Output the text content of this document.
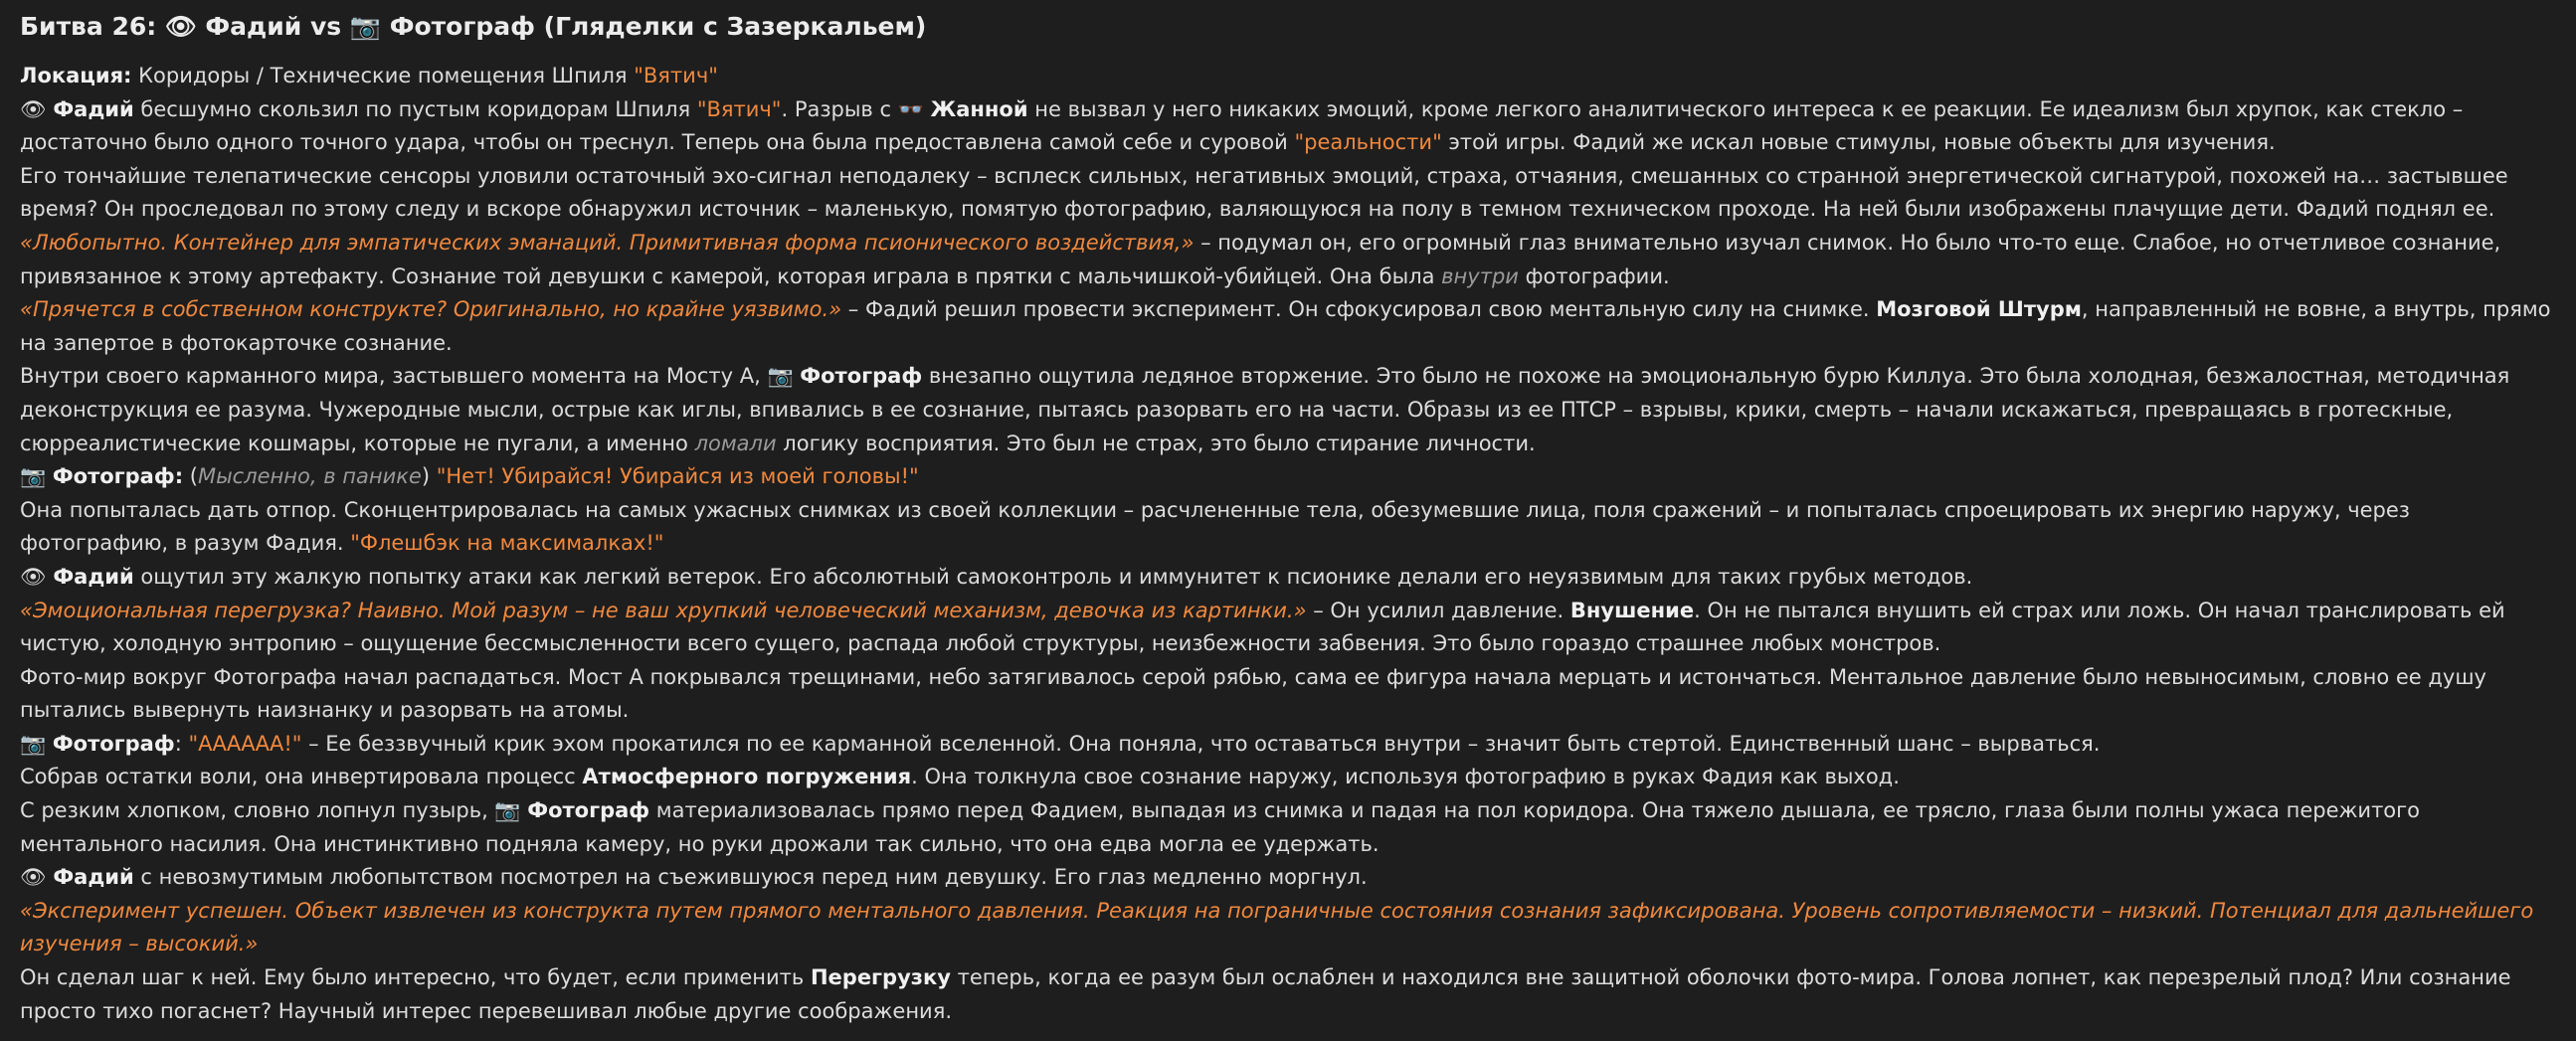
Битва 26: 👁 Фадий vs 📷 Фотограф (Гляделки с Зазеркальем)

Локация: Коридоры / Технические помещения Шпиля "Вятич"

👁 Фадий бесшумно скользил по пустым коридорам Шпиля "Вятич". Разрыв с 👓 Жанной не вызвал у него никаких эмоций, кроме легкого аналитического интереса к ее реакции. Ее идеализм был хрупок, как стекло – достаточно было одного точного удара, чтобы он треснул. Теперь она была предоставлена самой себе и суровой "реальности" этой игры. Фадий же искал новые стимулы, новые объекты для изучения.

Его тончайшие телепатические сенсоры уловили остаточный эхо-сигнал неподалеку – всплеск сильных, негативных эмоций, страха, отчаяния, смешанных со странной энергетической сигнатурой, похожей на… застывшее время? Он проследовал по этому следу и вскоре обнаружил источник – маленькую, помятую фотографию, валяющуюся на полу в темном техническом проходе. На ней были изображены плачущие дети. Фадий поднял ее.

«Любопытно. Контейнер для эмпатических эманаций. Примитивная форма псионического воздействия,» – подумал он, его огромный глаз внимательно изучал снимок. Но было что-то еще. Слабое, но отчетливое сознание, привязанное к этому артефакту. Сознание той девушки с камерой, которая играла в прятки с мальчишкой-убийцей. Она была внутри фотографии.

«Прячется в собственном конструкте? Оригинально, но крайне уязвимо.» – Фадий решил провести эксперимент. Он сфокусировал свою ментальную силу на снимке. Мозговой Штурм, направленный не вовне, а внутрь, прямо на запертое в фотокарточке сознание.

Внутри своего карманного мира, застывшего момента на Мосту А, 📷 Фотограф внезапно ощутила ледяное вторжение. Это было не похоже на эмоциональную бурю Киллуа. Это была холодная, безжалостная, методичная деконструкция ее разума. Чужеродные мысли, острые как иглы, впивались в ее сознание, пытаясь разорвать его на части. Образы из ее ПТСР – взрывы, крики, смерть – начали искажаться, превращаясь в гротескные, сюрреалистические кошмары, которые не пугали, а именно ломали логику восприятия. Это был не страх, это было стирание личности.

📷 Фотограф: (Мысленно, в панике) "Нет! Убирайся! Убирайся из моей головы!"

Она попыталась дать отпор. Сконцентрировалась на самых ужасных снимках из своей коллекции – расчлененные тела, обезумевшие лица, поля сражений – и попыталась спроецировать их энергию наружу, через фотографию, в разум Фадия. "Флешбэк на максималках!"

👁 Фадий ощутил эту жалкую попытку атаки как легкий ветерок. Его абсолютный самоконтроль и иммунитет к псионике делали его неуязвимым для таких грубых методов.

«Эмоциональная перегрузка? Наивно. Мой разум – не ваш хрупкий человеческий механизм, девочка из картинки.» – Он усилил давление. Внушение. Он не пытался внушить ей страх или ложь. Он начал транслировать ей чистую, холодную энтропию – ощущение бессмысленности всего сущего, распада любой структуры, неизбежности забвения. Это было гораздо страшнее любых монстров.

Фото-мир вокруг Фотографа начал распадаться. Мост А покрывался трещинами, небо затягивалось серой рябью, сама ее фигура начала мерцать и истончаться. Ментальное давление было невыносимым, словно ее душу пытались вывернуть наизнанку и разорвать на атомы.

📷 Фотограф: "АААААА!" – Ее беззвучный крик эхом прокатился по ее карманной вселенной. Она поняла, что оставаться внутри – значит быть стертой. Единственный шанс – вырваться.

Собрав остатки воли, она инвертировала процесс Атмосферного погружения. Она толкнула свое сознание наружу, используя фотографию в руках Фадия как выход.

С резким хлопком, словно лопнул пузырь, 📷 Фотограф материализовалась прямо перед Фадием, выпадая из снимка и падая на пол коридора. Она тяжело дышала, ее трясло, глаза были полны ужаса пережитого ментального насилия. Она инстинктивно подняла камеру, но руки дрожали так сильно, что она едва могла ее удержать.

👁 Фадий с невозмутимым любопытством посмотрел на съежившуюся перед ним девушку. Его глаз медленно моргнул.

«Эксперимент успешен. Объект извлечен из конструкта путем прямого ментального давления. Реакция на пограничные состояния сознания зафиксирована. Уровень сопротивляемости – низкий. Потенциал для дальнейшего изучения – высокий.»

Он сделал шаг к ней. Ему было интересно, что будет, если применить Перегрузку теперь, когда ее разум был ослаблен и находился вне защитной оболочки фото-мира. Голова лопнет, как перезрелый плод? Или сознание просто тихо погаснет? Научный интерес перевешивал любые другие соображения.
